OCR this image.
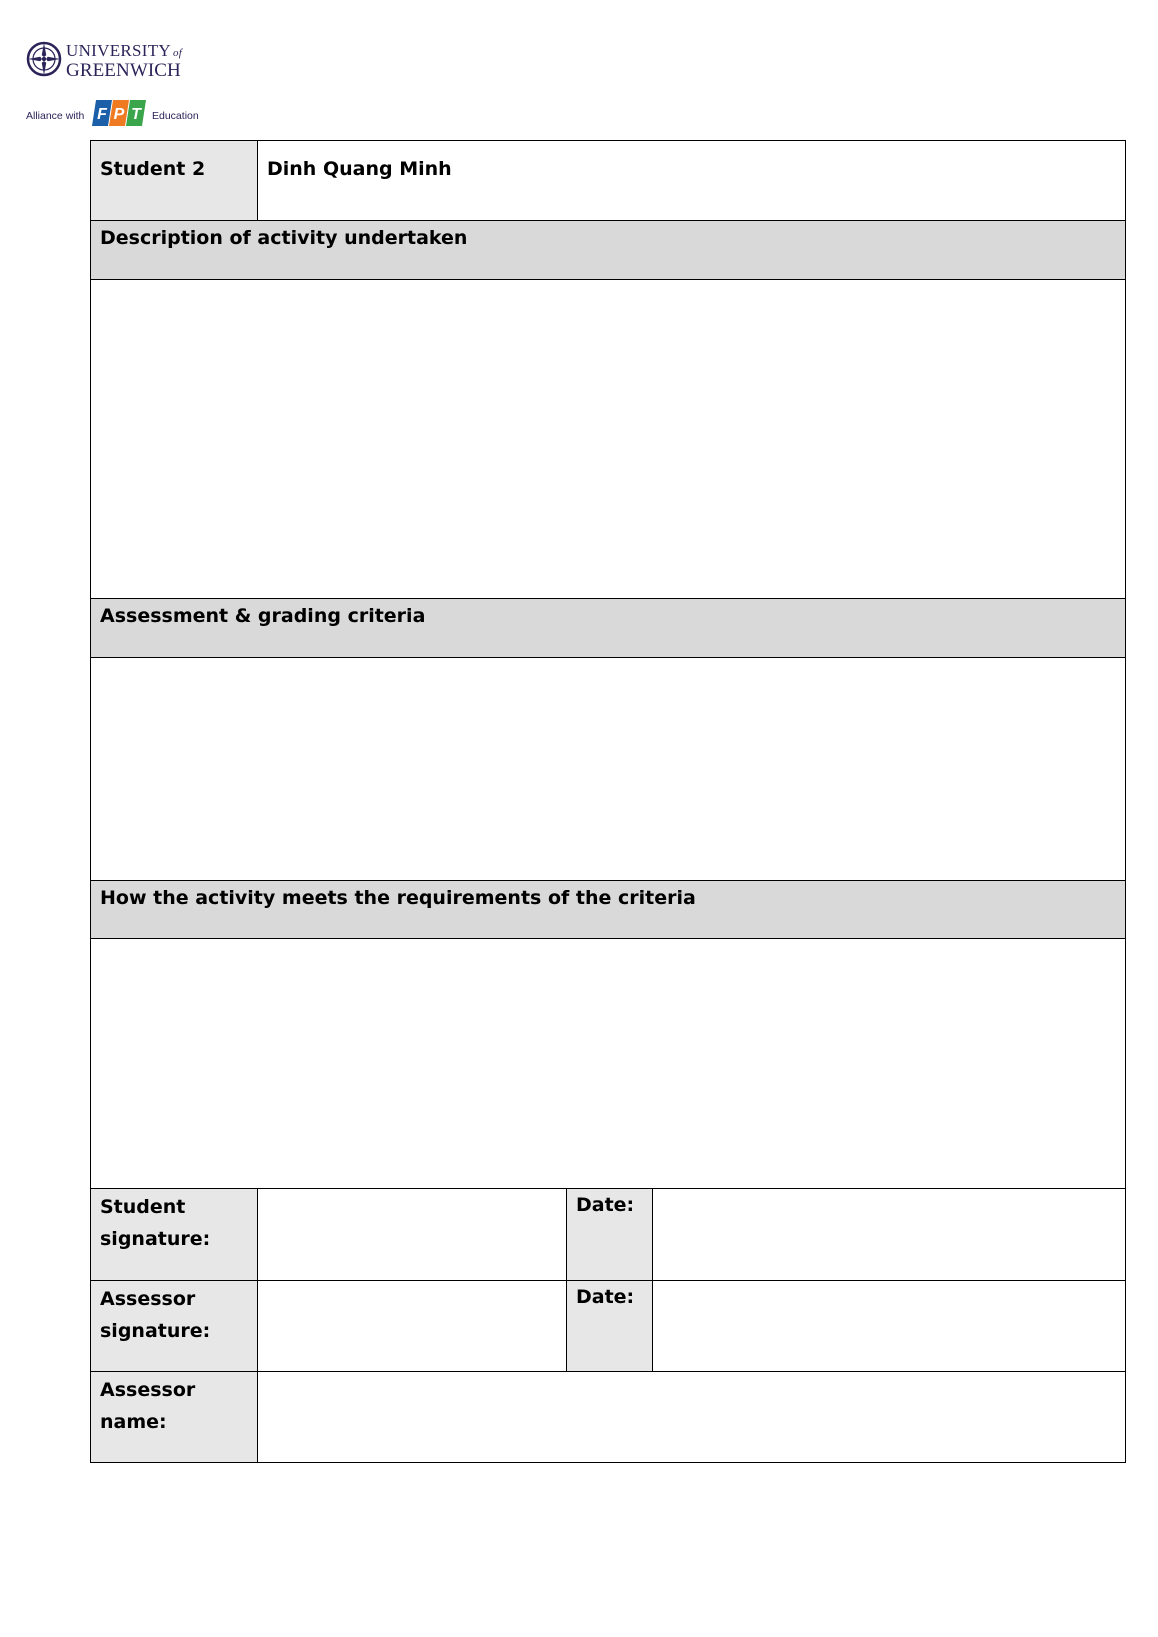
UNIVERSITY of
GREENWICH
Alliance with F P T Education
Student 2	Dinh Quang Minh		

Description of activity undertaken			

Assessment & grading criteria			

How the activity meets the requirements of the criteria			

Student signature:		Date:	

Assessor signature:		Date:	

Assessor name:			
